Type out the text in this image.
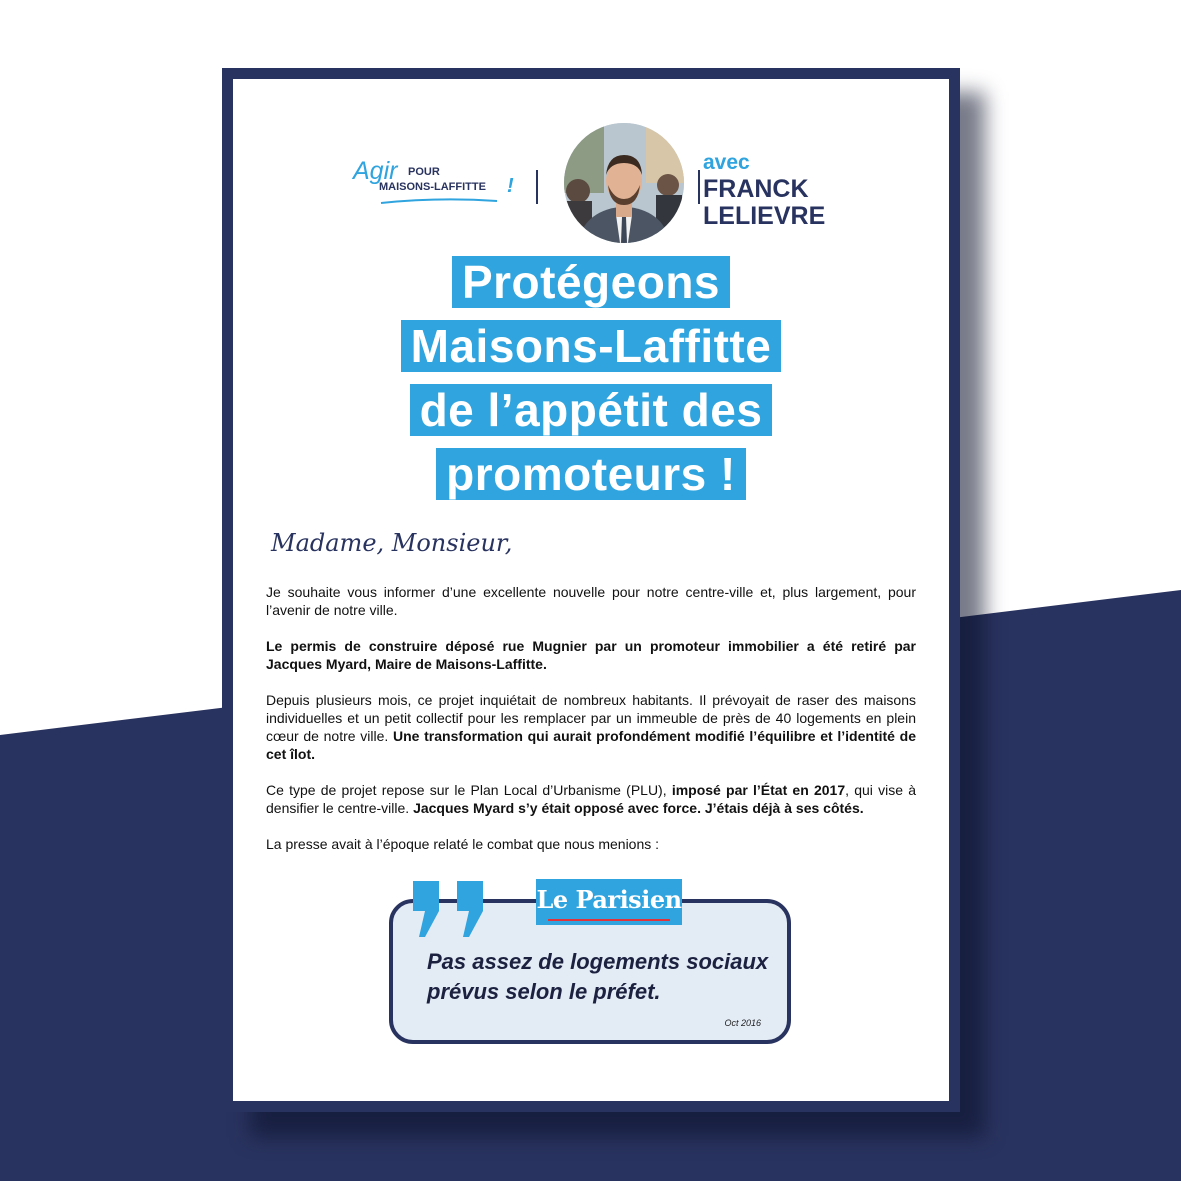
Agir POUR
MAISONS-LAFFITTE !
avec
FRANCK
LELIEVRE
Protégeons
Maisons-Laffitte
de l’appétit des
promoteurs !
Madame, Monsieur,
Je souhaite vous informer d’une excellente nouvelle pour notre centre-ville et, plus largement, pour l’avenir de notre ville.
Le permis de construire déposé rue Mugnier par un promoteur immobilier a été retiré par Jacques Myard, Maire de Maisons-Laffitte.
Depuis plusieurs mois, ce projet inquiétait de nombreux habitants. Il prévoyait de raser des maisons individuelles et un petit collectif pour les remplacer par un immeuble de près de 40 logements en plein cœur de notre ville. Une transformation qui aurait profondément modifié l’équilibre et l’identité de cet îlot.
Ce type de projet repose sur le Plan Local d’Urbanisme (PLU), imposé par l’État en 2017, qui vise à densifier le centre-ville. Jacques Myard s’y était opposé avec force. J’étais déjà à ses côtés.
La presse avait à l’époque relaté le combat que nous menions :
Pas assez de logements sociaux prévus selon le préfet.
Oct 2016
Le Parisien
